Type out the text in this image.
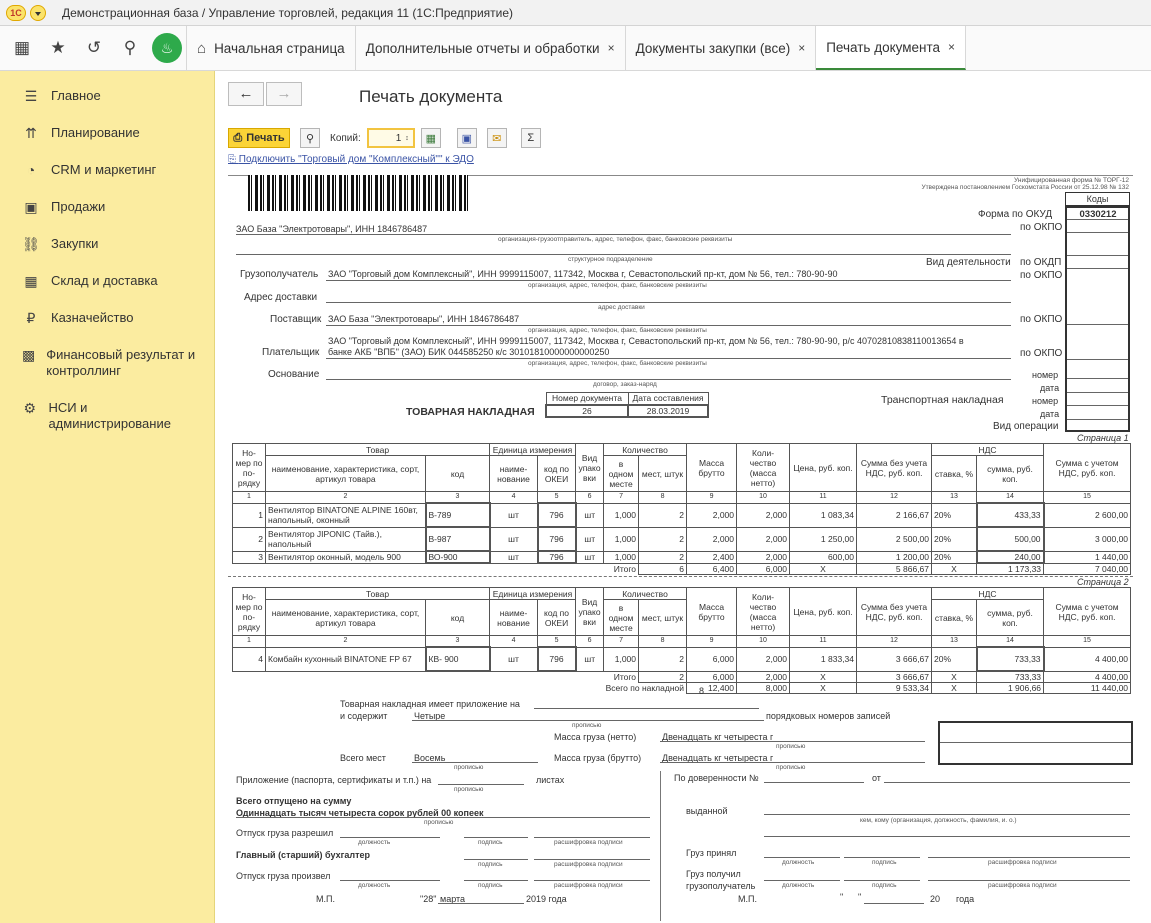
1С	Демонстрационная база / Управление торговлей, редакция 11 (1С:Предприятие)
▦	★	↺	⚲	♨	⌂ Начальная страница Дополнительные отчеты и обработки × Документы закупки (все) × Печать документа ×
☰ Главное
⇈ Планирование
◔	CRM и маркетинг
▣ Продажи
⛓ Закупки
▦ Склад и доставка
₽	Казначейство
▩ Финансовый результат и контроллинг
⚙ НСИ и администрирование
←	→	Печать документа
⎙ Печать ⚲ Копий:	1 ↕ ▦ ▣ ✉ Σ
⎘ Подключить "Торговый дом "Комплексный"" к ЭДО
Унифицированная форма № ТОРГ-12
Утверждена постановлением Госкомстата России от 25.12.98 № 132
Коды
0330212
Форма по ОКУД
по ОКПО
Вид деятельности по ОКДП
по ОКПО
по ОКПО
по ОКПО
номер
дата
номер
дата
Транспортная накладная
Вид операции
ЗАО База "Электротовары", ИНН 1846786487
организация-грузоотправитель, адрес, телефон, факс, банковские реквизиты
структурное подразделение
Грузополучатель ЗАО "Торговый дом Комплексный", ИНН 9999115007, 117342, Москва г, Севастопольский пр-кт, дом № 56, тел.: 780-90-90
организация, адрес, телефон, факс, банковские реквизиты
Адрес доставки
адрес доставки
Поставщик ЗАО База "Электротовары", ИНН 1846786487
организация, адрес, телефон, факс, банковские реквизиты
ЗАО "Торговый дом Комплексный", ИНН 9999115007, 117342, Москва г, Севастопольский пр-кт, дом № 56, тел.: 780-90-90, р/с 40702810838110013654 в
Плательщик банке АКБ "ВПБ" (ЗАО) БИК 044585250 к/с 30101810000000000250
организация, адрес, телефон, факс, банковские реквизиты
Основание
договор, заказ-наряд
Номер документа	Дата составления
26	28.03.2019
ТОВАРНАЯ НАКЛАДНАЯ
Страница 1
Но-мер по по-рядку	Товар		Единица измерения		Вид упако вки	Количество		Масса брутто	Коли-чество (масса нетто)	Цена, руб. коп.	Сумма без учета НДС, руб. коп.	НДС		Сумма с учетом НДС, руб. коп.
	наименование, характеристика, сорт, артикул товара	код	наиме-нование	код по ОКЕИ		в одном месте	мест, штук					ставка, %	сумма, руб. коп.	
1	2	3	4	5	6	7	8	9	10	11	12	13	14	15
1	Вентилятор BINATONE ALPINE 160вт, напольный, оконный	В-789	шт	796	шт	1,000	2	2,000	2,000	1 083,34	2 166,67	20%	433,33	2 600,00
2	Вентилятор JIPONIC (Тайв.), напольный	В-987	шт	796	шт	1,000	2	2,000	2,000	1 250,00	2 500,00	20%	500,00	3 000,00
3	Вентилятор оконный, модель 900	ВО-900	шт	796	шт	1,000	2	2,400	2,000	600,00	1 200,00	20%	240,00	1 440,00
						Итого	6	6,400	6,000	X	5 866,67	X	1 173,33	7 040,00
Страница 2
Но-мер по по-рядку	Товар		Единица измерения		Вид упако вки	Количество		Масса брутто	Коли-чество (масса нетто)	Цена, руб. коп.	Сумма без учета НДС, руб. коп.	НДС		Сумма с учетом НДС, руб. коп.
	наименование, характеристика, сорт, артикул товара	код	наиме-нование	код по ОКЕИ		в одном месте	мест, штук					ставка, %	сумма, руб. коп.	
1	2	3	4	5	6	7	8	9	10	11	12	13	14	15
4	Комбайн кухонный BINATONE FP 67	КВ- 900	шт	796	шт	1,000	2	6,000	2,000	1 833,34	3 666,67	20%	733,33	4 400,00
						Итого	2	6,000	2,000	X	3 666,67	X	733,33	4 400,00
			Всего по накладной					12,400	8,000	X	9 533,34	X	1 906,66	11 440,00
8
Товарная накладная имеет приложение на
и содержит	Четыре	порядковых номеров записей
прописью
Масса груза (нетто)	Двенадцать кг четыреста г
прописью
Всего мест	Восемь
прописью
Масса груза (брутто) Двенадцать кг четыреста г
прописью
Приложение (паспорта, сертификаты и т.п.) на	листах
прописью
Всего отпущено на сумму
Одиннадцать тысяч четыреста сорок рублей 00 копеек
прописью
Отпуск груза разрешил
должность	подпись	расшифровка подписи
Главный (старший) бухгалтер
подпись	расшифровка подписи
Отпуск груза произвел
должность	подпись	расшифровка подписи
М.П.	"28" марта	2019 года
По доверенности №	от
выданной
кем, кому (организация, должность, фамилия, и. о.)
Груз принял
должность	подпись	расшифровка подписи
Груз получил
грузополучатель	должность	подпись	расшифровка подписи
М.П.	" "	20 года
